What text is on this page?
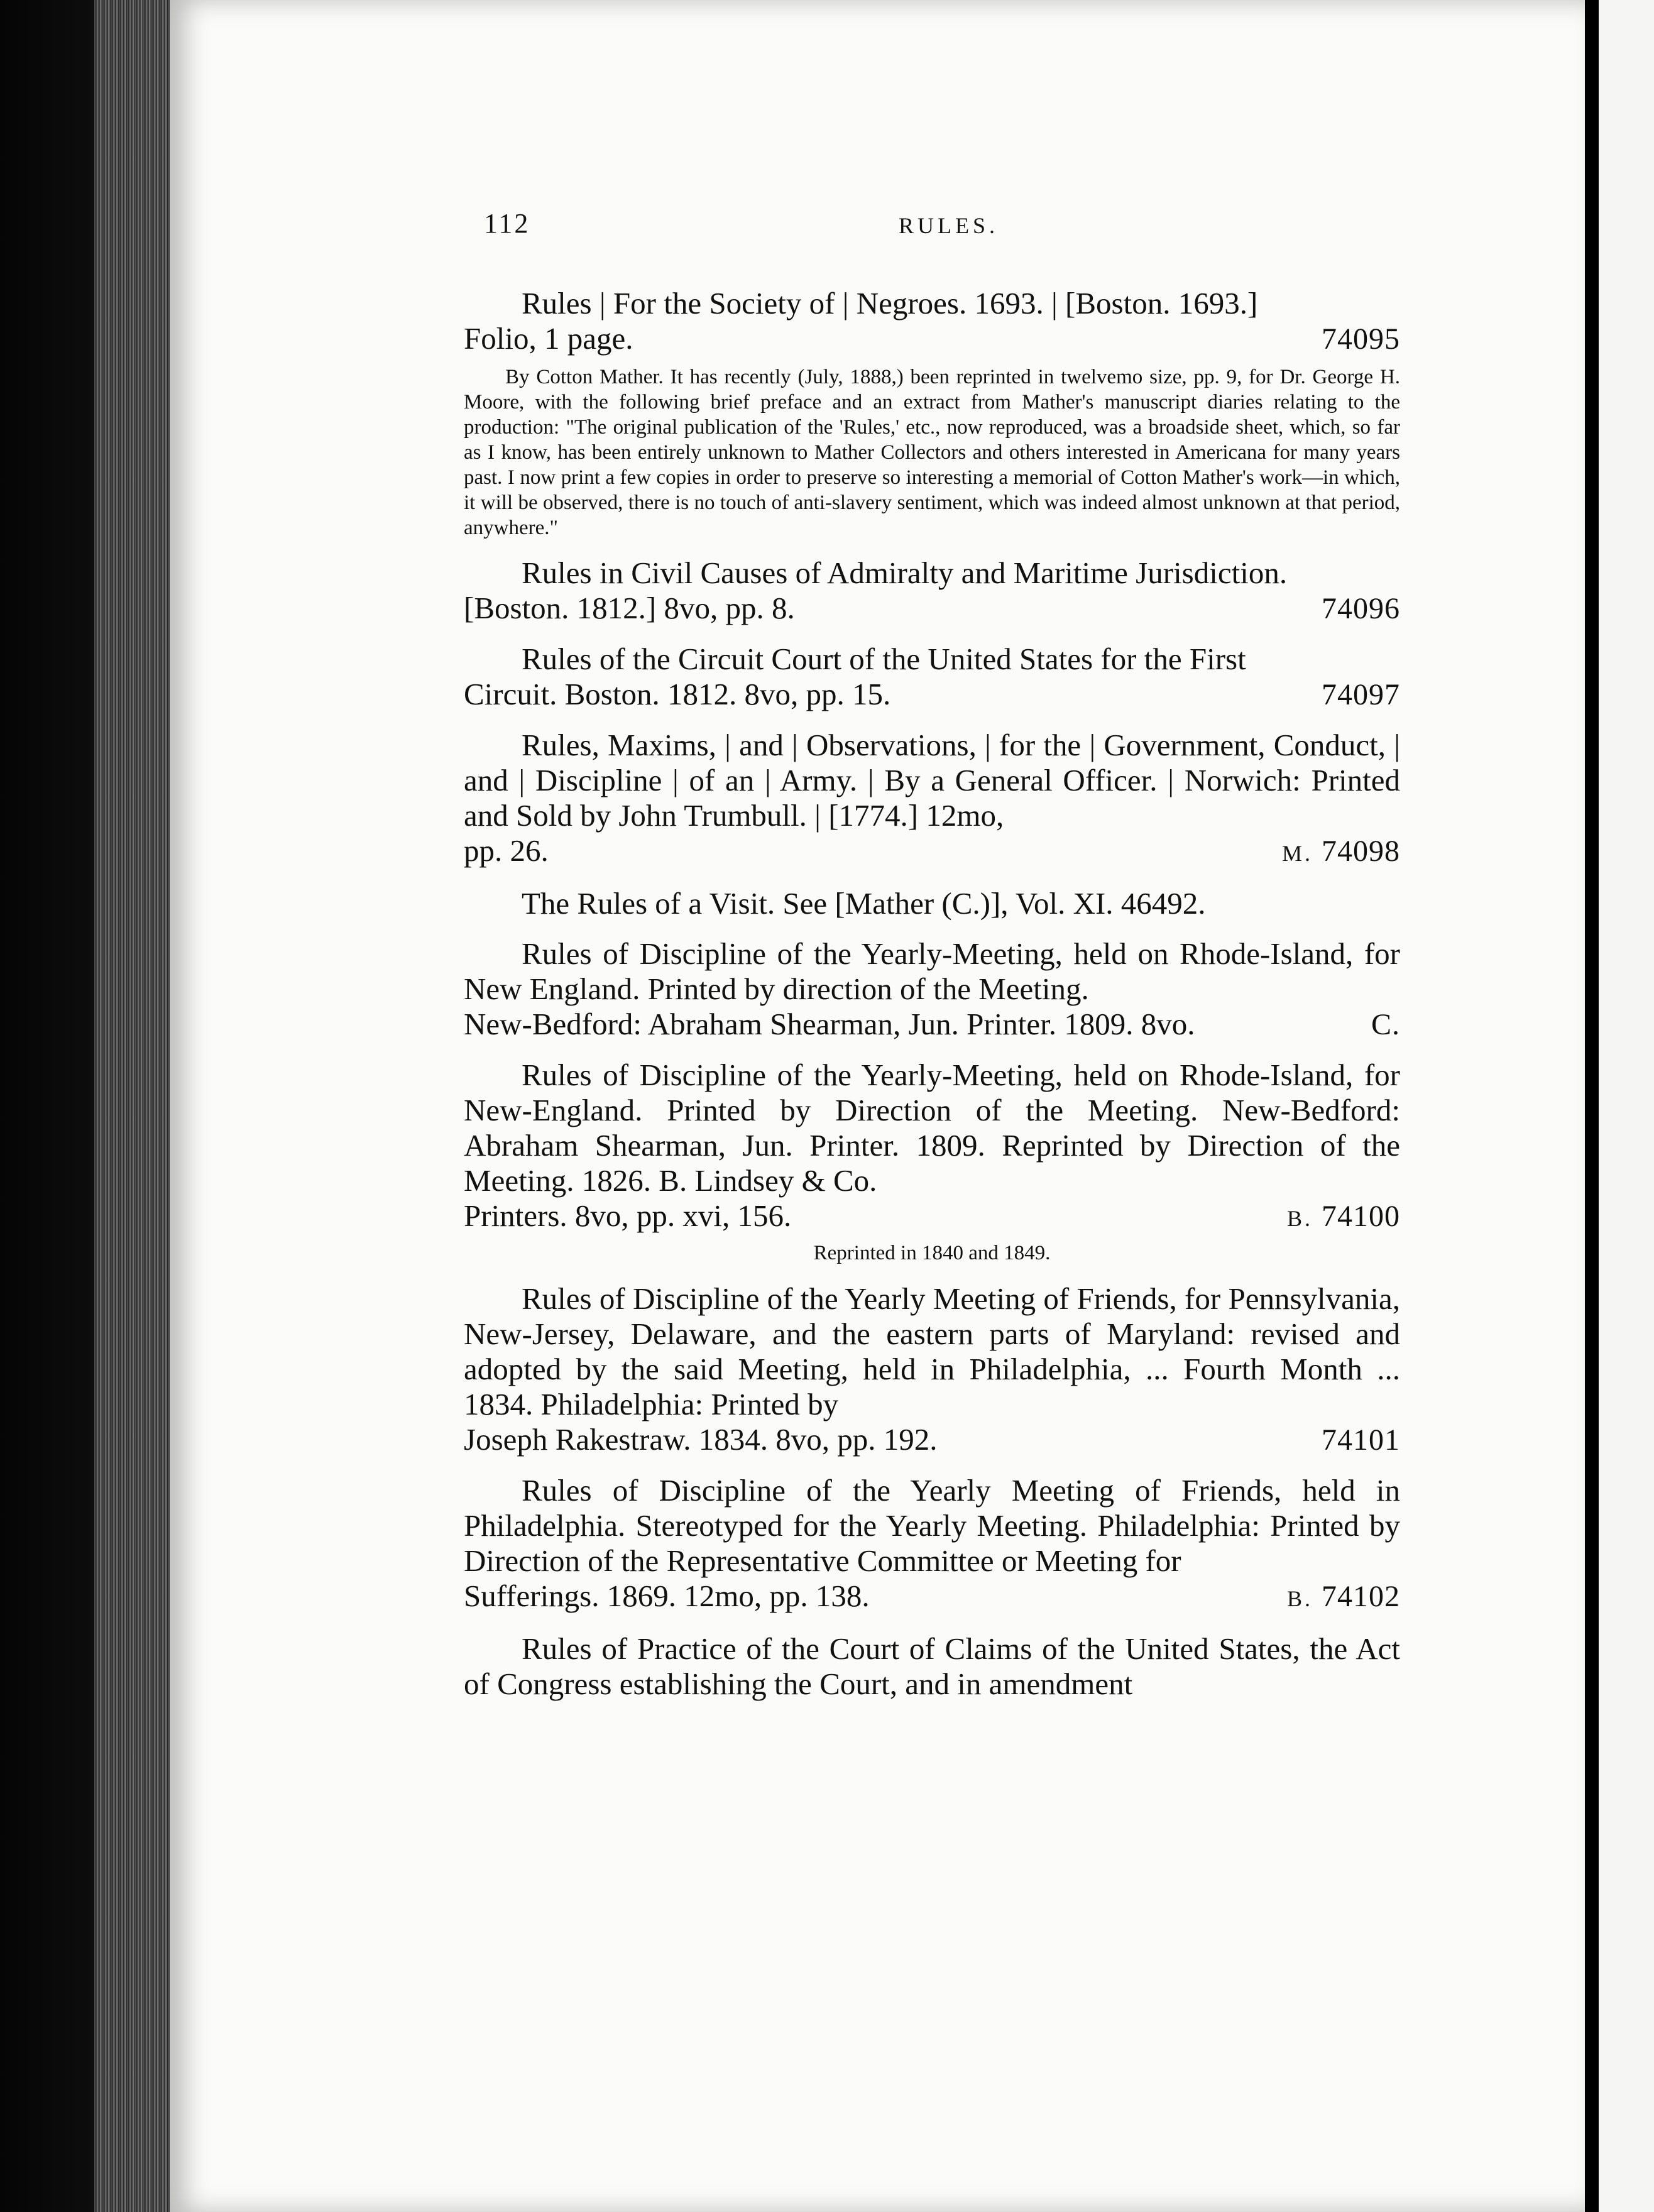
112	RULES.

Rules | For the Society of | Negroes. 1693. | [Boston. 1693.]

Folio, 1 page.	74095

By Cotton Mather. It has recently (July, 1888,) been reprinted in twelvemo size, pp. 9, for Dr. George H. Moore, with the following brief preface and an extract from Mather's manuscript diaries relating to the production: "The original publication of the 'Rules,' etc., now reproduced, was a broadside sheet, which, so far as I know, has been entirely unknown to Mather Collectors and others interested in Americana for many years past. I now print a few copies in order to preserve so interesting a memorial of Cotton Mather's work—in which, it will be observed, there is no touch of anti-slavery sentiment, which was indeed almost unknown at that period, anywhere."

Rules in Civil Causes of Admiralty and Maritime Jurisdiction.

[Boston. 1812.] 8vo, pp. 8.	74096

Rules of the Circuit Court of the United States for the First

Circuit. Boston. 1812. 8vo, pp. 15.	74097

Rules, Maxims, | and | Observations, | for the | Government, Conduct, | and | Discipline | of an | Army. | By a General Officer. | Norwich: Printed and Sold by John Trumbull. | [1774.] 12mo,

pp. 26.	M. 74098

The Rules of a Visit. See [Mather (C.)], Vol. XI. 46492.

Rules of Discipline of the Yearly-Meeting, held on Rhode-Island, for New England. Printed by direction of the Meeting.

New-Bedford: Abraham Shearman, Jun. Printer. 1809. 8vo.	C.

Rules of Discipline of the Yearly-Meeting, held on Rhode-Island, for New-England. Printed by Direction of the Meeting. New-Bedford: Abraham Shearman, Jun. Printer. 1809. Reprinted by Direction of the Meeting. 1826. B. Lindsey & Co.

Printers. 8vo, pp. xvi, 156.	B. 74100

Reprinted in 1840 and 1849.

Rules of Discipline of the Yearly Meeting of Friends, for Pennsylvania, New-Jersey, Delaware, and the eastern parts of Maryland: revised and adopted by the said Meeting, held in Philadelphia, ... Fourth Month ... 1834. Philadelphia: Printed by

Joseph Rakestraw. 1834. 8vo, pp. 192.	74101

Rules of Discipline of the Yearly Meeting of Friends, held in Philadelphia. Stereotyped for the Yearly Meeting. Philadelphia: Printed by Direction of the Representative Committee or Meeting for

Sufferings. 1869. 12mo, pp. 138.	B. 74102

Rules of Practice of the Court of Claims of the United States, the Act of Congress establishing the Court, and in amendment
